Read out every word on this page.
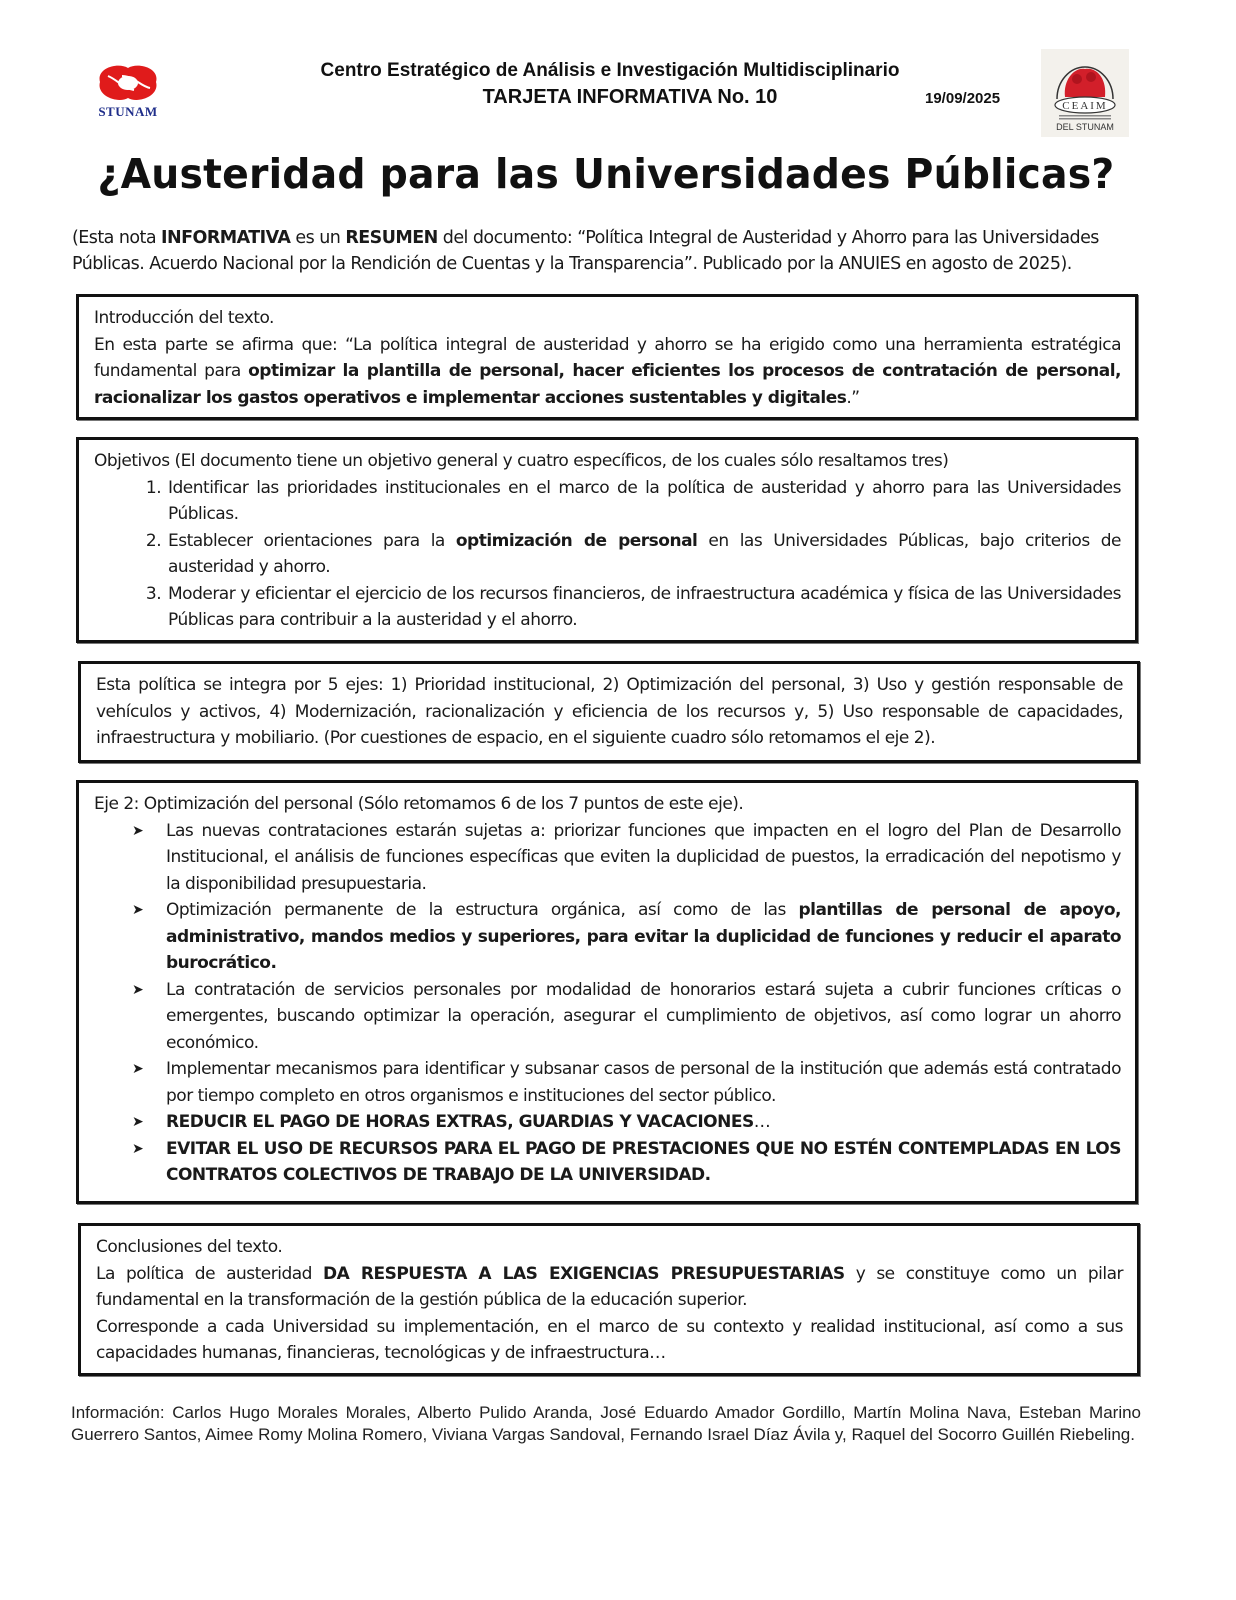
STUNAM
Centro Estratégico de Análisis e Investigación Multidisciplinario
TARJETA INFORMATIVA No. 10	19/09/2025	CEAIM
DEL STUNAM
¿Austeridad para las Universidades Públicas?
(Esta nota INFORMATIVA es un RESUMEN del documento: “Política Integral de Austeridad y Ahorro para las Universidades Públicas. Acuerdo Nacional por la Rendición de Cuentas y la Transparencia”. Publicado por la ANUIES en agosto de 2025).

Introducción del texto.

En esta parte se afirma que: “La política integral de austeridad y ahorro se ha erigido como una herramienta estratégica fundamental para optimizar la plantilla de personal, hacer eficientes los procesos de contratación de personal, racionalizar los gastos operativos e implementar acciones sustentables y digitales.”

Objetivos (El documento tiene un objetivo general y cuatro específicos, de los cuales sólo resaltamos tres)

1. Identificar las prioridades institucionales en el marco de la política de austeridad y ahorro para las Universidades Públicas.
2. Establecer orientaciones para la optimización de personal en las Universidades Públicas, bajo criterios de austeridad y ahorro.
3. Moderar y eficientar el ejercicio de los recursos financieros, de infraestructura académica y física de las Universidades Públicas para contribuir a la austeridad y el ahorro.

Esta política se integra por 5 ejes: 1) Prioridad institucional, 2) Optimización del personal, 3) Uso y gestión responsable de vehículos y activos, 4) Modernización, racionalización y eficiencia de los recursos y, 5) Uso responsable de capacidades, infraestructura y mobiliario. (Por cuestiones de espacio, en el siguiente cuadro sólo retomamos el eje 2).

Eje 2: Optimización del personal (Sólo retomamos 6 de los 7 puntos de este eje).

➤ Las nuevas contrataciones estarán sujetas a: priorizar funciones que impacten en el logro del Plan de Desarrollo Institucional, el análisis de funciones específicas que eviten la duplicidad de puestos, la erradicación del nepotismo y la disponibilidad presupuestaria.
➤ Optimización permanente de la estructura orgánica, así como de las plantillas de personal de apoyo, administrativo, mandos medios y superiores, para evitar la duplicidad de funciones y reducir el aparato burocrático.
➤ La contratación de servicios personales por modalidad de honorarios estará sujeta a cubrir funciones críticas o emergentes, buscando optimizar la operación, asegurar el cumplimiento de objetivos, así como lograr un ahorro económico.
➤ Implementar mecanismos para identificar y subsanar casos de personal de la institución que además está contratado por tiempo completo en otros organismos e instituciones del sector público.
➤ REDUCIR EL PAGO DE HORAS EXTRAS, GUARDIAS Y VACACIONES…
➤ EVITAR EL USO DE RECURSOS PARA EL PAGO DE PRESTACIONES QUE NO ESTÉN CONTEMPLADAS EN LOS CONTRATOS COLECTIVOS DE TRABAJO DE LA UNIVERSIDAD.

Conclusiones del texto.

La política de austeridad DA RESPUESTA A LAS EXIGENCIAS PRESUPUESTARIAS y se constituye como un pilar fundamental en la transformación de la gestión pública de la educación superior.

Corresponde a cada Universidad su implementación, en el marco de su contexto y realidad institucional, así como a sus capacidades humanas, financieras, tecnológicas y de infraestructura…

Información: Carlos Hugo Morales Morales, Alberto Pulido Aranda, José Eduardo Amador Gordillo, Martín Molina Nava, Esteban Marino Guerrero Santos, Aimee Romy Molina Romero, Viviana Vargas Sandoval, Fernando Israel Díaz Ávila y, Raquel del Socorro Guillén Riebeling.
